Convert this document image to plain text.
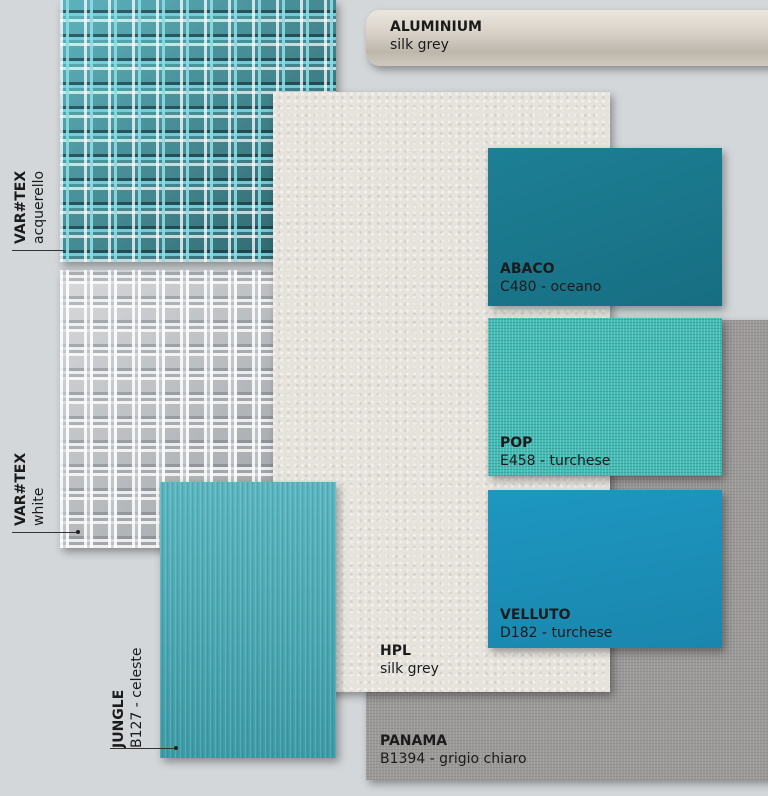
ALUMINIUM
silk grey
ABACO
C480 - oceano
POP
E458 - turchese
VELLUTO
D182 - turchese
HPL
silk grey
PANAMA
B1394 - grigio chiaro
VAR#TEX acquerello
VAR#TEX white
JUNGLE B127 - celeste
